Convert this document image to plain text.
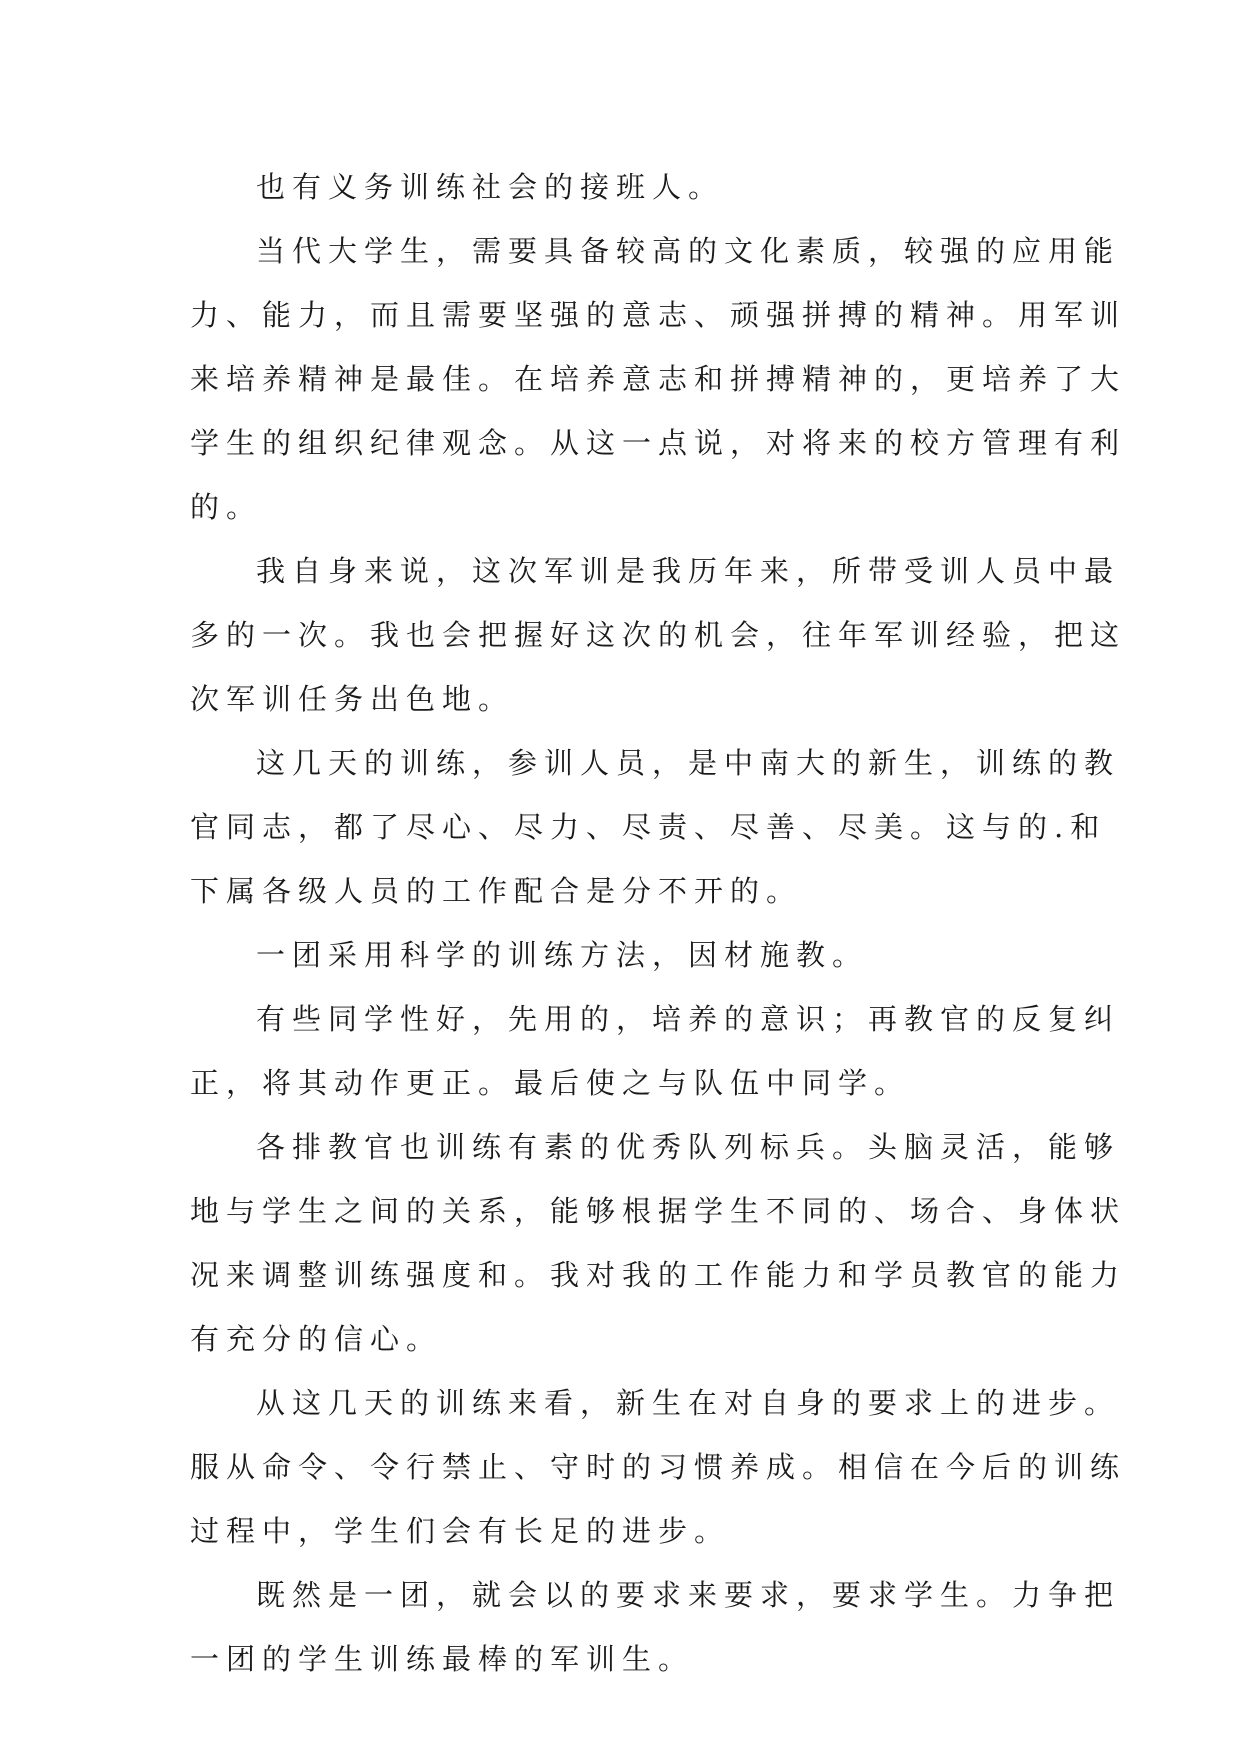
也有义务训练社会的接班人。
当代大学生，需要具备较高的文化素质，较强的应用能
力、能力，而且需要坚强的意志、顽强拼搏的精神。用军训
来培养精神是最佳。在培养意志和拼搏精神的，更培养了大
学生的组织纪律观念。从这一点说，对将来的校方管理有利
的。
我自身来说，这次军训是我历年来，所带受训人员中最
多的一次。我也会把握好这次的机会，往年军训经验，把这
次军训任务出色地。
这几天的训练，参训人员，是中南大的新生，训练的教
官同志，都了尽心、尽力、尽责、尽善、尽美。这与的.和
下属各级人员的工作配合是分不开的。
一团采用科学的训练方法，因材施教。
有些同学性好，先用的，培养的意识；再教官的反复纠
正，将其动作更正。最后使之与队伍中同学。
各排教官也训练有素的优秀队列标兵。头脑灵活，能够
地与学生之间的关系，能够根据学生不同的、场合、身体状
况来调整训练强度和。我对我的工作能力和学员教官的能力
有充分的信心。
从这几天的训练来看，新生在对自身的要求上的进步。
服从命令、令行禁止、守时的习惯养成。相信在今后的训练
过程中，学生们会有长足的进步。
既然是一团，就会以的要求来要求，要求学生。力争把
一团的学生训练最棒的军训生。
